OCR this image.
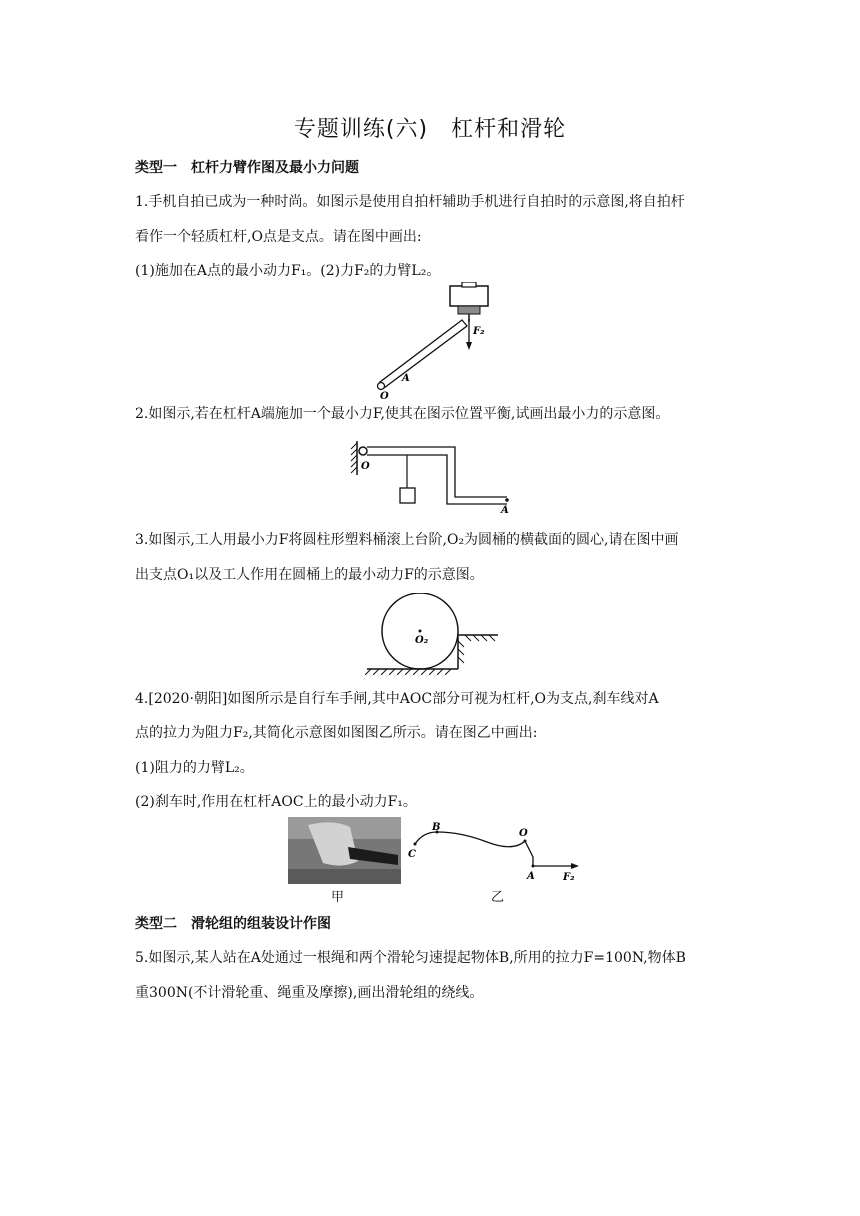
专题训练(六)　杠杆和滑轮
类型一　杠杆力臂作图及最小力问题
1.手机自拍已成为一种时尚。如图示是使用自拍杆辅助手机进行自拍时的示意图,将自拍杆
看作一个轻质杠杆,O点是支点。请在图中画出:
(1)施加在A点的最小动力F₁。(2)力F₂的力臂L₂。
F₂
A
O
2.如图示,若在杠杆A端施加一个最小力F,使其在图示位置平衡,试画出最小力的示意图。
O
A
3.如图示,工人用最小力F将圆柱形塑料桶滚上台阶,O₂为圆桶的横截面的圆心,请在图中画
出支点O₁以及工人作用在圆桶上的最小动力F的示意图。
O₂
4.[2020·朝阳]如图所示是自行车手闸,其中AOC部分可视为杠杆,O为支点,刹车线对A
点的拉力为阻力F₂,其简化示意图如图图乙所示。请在图乙中画出:
(1)阻力的力臂L₂。
(2)刹车时,作用在杠杆AOC上的最小动力F₁。
甲
B
C
O
A	F₂
乙
类型二　滑轮组的组装设计作图
5.如图示,某人站在A处通过一根绳和两个滑轮匀速提起物体B,所用的拉力F=100N,物体B
重300N(不计滑轮重、绳重及摩擦),画出滑轮组的绕线。
